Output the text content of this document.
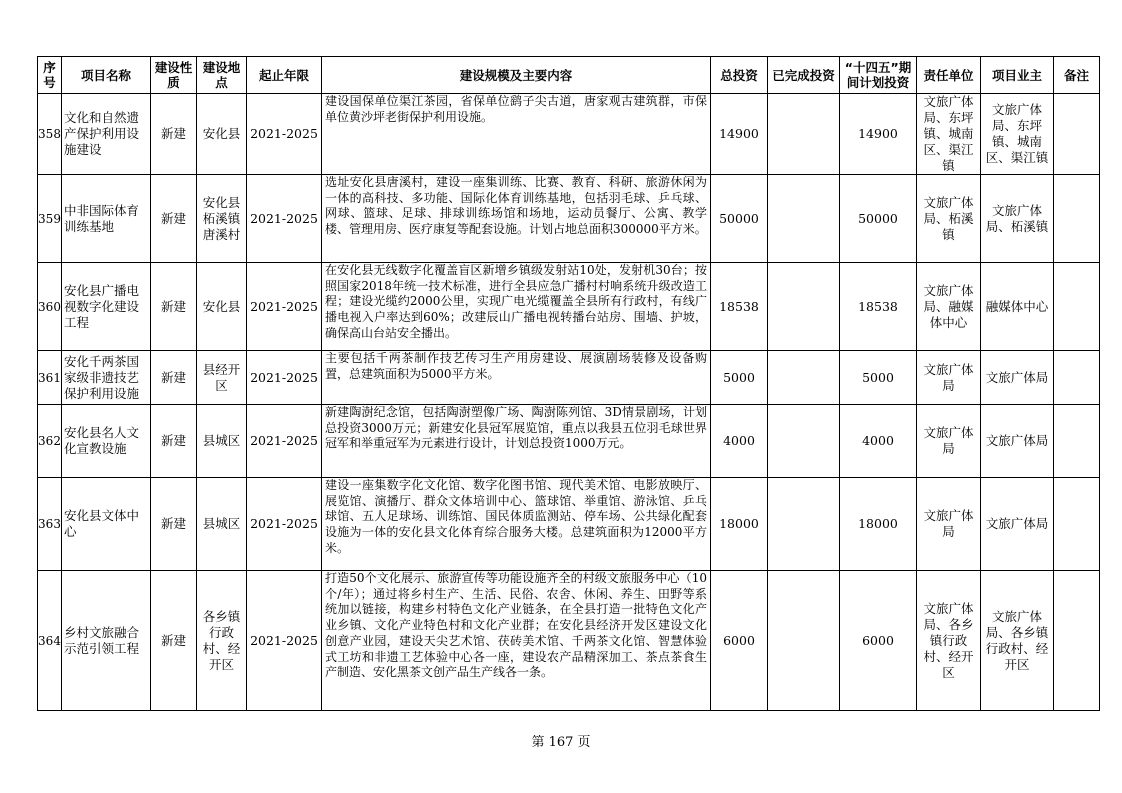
序号	项目名称	建设性质	建设地点	起止年限	建设规模及主要内容	总投资	已完成投资	“十四五”期间计划投资	责任单位	项目业主	备注
358	文化和自然遗产保护利用设施建设	新建	安化县	2021-2025	建设国保单位渠江茶园，省保单位鹞子尖古道，唐家观古建筑群，市保单位黄沙坪老街保护利用设施。	14900		14900	文旅广体局、东坪镇、城南区、渠江镇	文旅广体局、东坪镇、城南区、渠江镇	
359	中非国际体育训练基地	新建	安化县柘溪镇唐溪村	2021-2025	选址安化县唐溪村，建设一座集训练、比赛、教育、科研、旅游休闲为一体的高科技、多功能、国际化体育训练基地，包括羽毛球、乒乓球、网球、篮球、足球、排球训练场馆和场地，运动员餐厅、公寓、教学楼、管理用房、医疗康复等配套设施。计划占地总面积300000平方米。	50000		50000	文旅广体局、柘溪镇	文旅广体局、柘溪镇	
360	安化县广播电视数字化建设工程	新建	安化县	2021-2025	在安化县无线数字化覆盖盲区新增乡镇级发射站10处，发射机30台；按照国家2018年统一技术标准，进行全县应急广播村村响系统升级改造工程；建设光缆约2000公里，实现广电光缆覆盖全县所有行政村，有线广播电视入户率达到60%；改建辰山广播电视转播台站房、围墙、护坡，确保高山台站安全播出。	18538		18538	文旅广体局、融媒体中心	融媒体中心	
361	安化千两茶国家级非遗技艺保护利用设施	新建	县经开区	2021-2025	主要包括千两茶制作技艺传习生产用房建设、展演剧场装修及设备购置，总建筑面积为5000平方米。	5000		5000	文旅广体局	文旅广体局	
362	安化县名人文化宣教设施	新建	县城区	2021-2025	新建陶澍纪念馆，包括陶澍塑像广场、陶澍陈列馆、3D情景剧场，计划总投资3000万元；新建安化县冠军展览馆，重点以我县五位羽毛球世界冠军和举重冠军为元素进行设计，计划总投资1000万元。	4000		4000	文旅广体局	文旅广体局	
363	安化县文体中心	新建	县城区	2021-2025	建设一座集数字化文化馆、数字化图书馆、现代美术馆、电影放映厅、展览馆、演播厅、群众文体培训中心、篮球馆、举重馆、游泳馆、乒乓球馆、五人足球场、训练馆、国民体质监测站、停车场、公共绿化配套设施为一体的安化县文化体育综合服务大楼。总建筑面积为12000平方米。	18000		18000	文旅广体局	文旅广体局	
364	乡村文旅融合示范引领工程	新建	各乡镇行政村、经开区	2021-2025	打造50个文化展示、旅游宣传等功能设施齐全的村级文旅服务中心（10个/年）；通过将乡村生产、生活、民俗、农舍、休闲、养生、田野等系统加以链接，构建乡村特色文化产业链条，在全县打造一批特色文化产业乡镇、文化产业特色村和文化产业群；在安化县经济开发区建设文化创意产业园，建设天尖艺术馆、茯砖美术馆、千两茶文化馆、智慧体验式工坊和非遗工艺体验中心各一座，建设农产品精深加工、茶点茶食生产制造、安化黑茶文创产品生产线各一条。	6000		6000	文旅广体局、各乡镇行政村、经开区	文旅广体局、各乡镇行政村、经开区	
第 167 页
